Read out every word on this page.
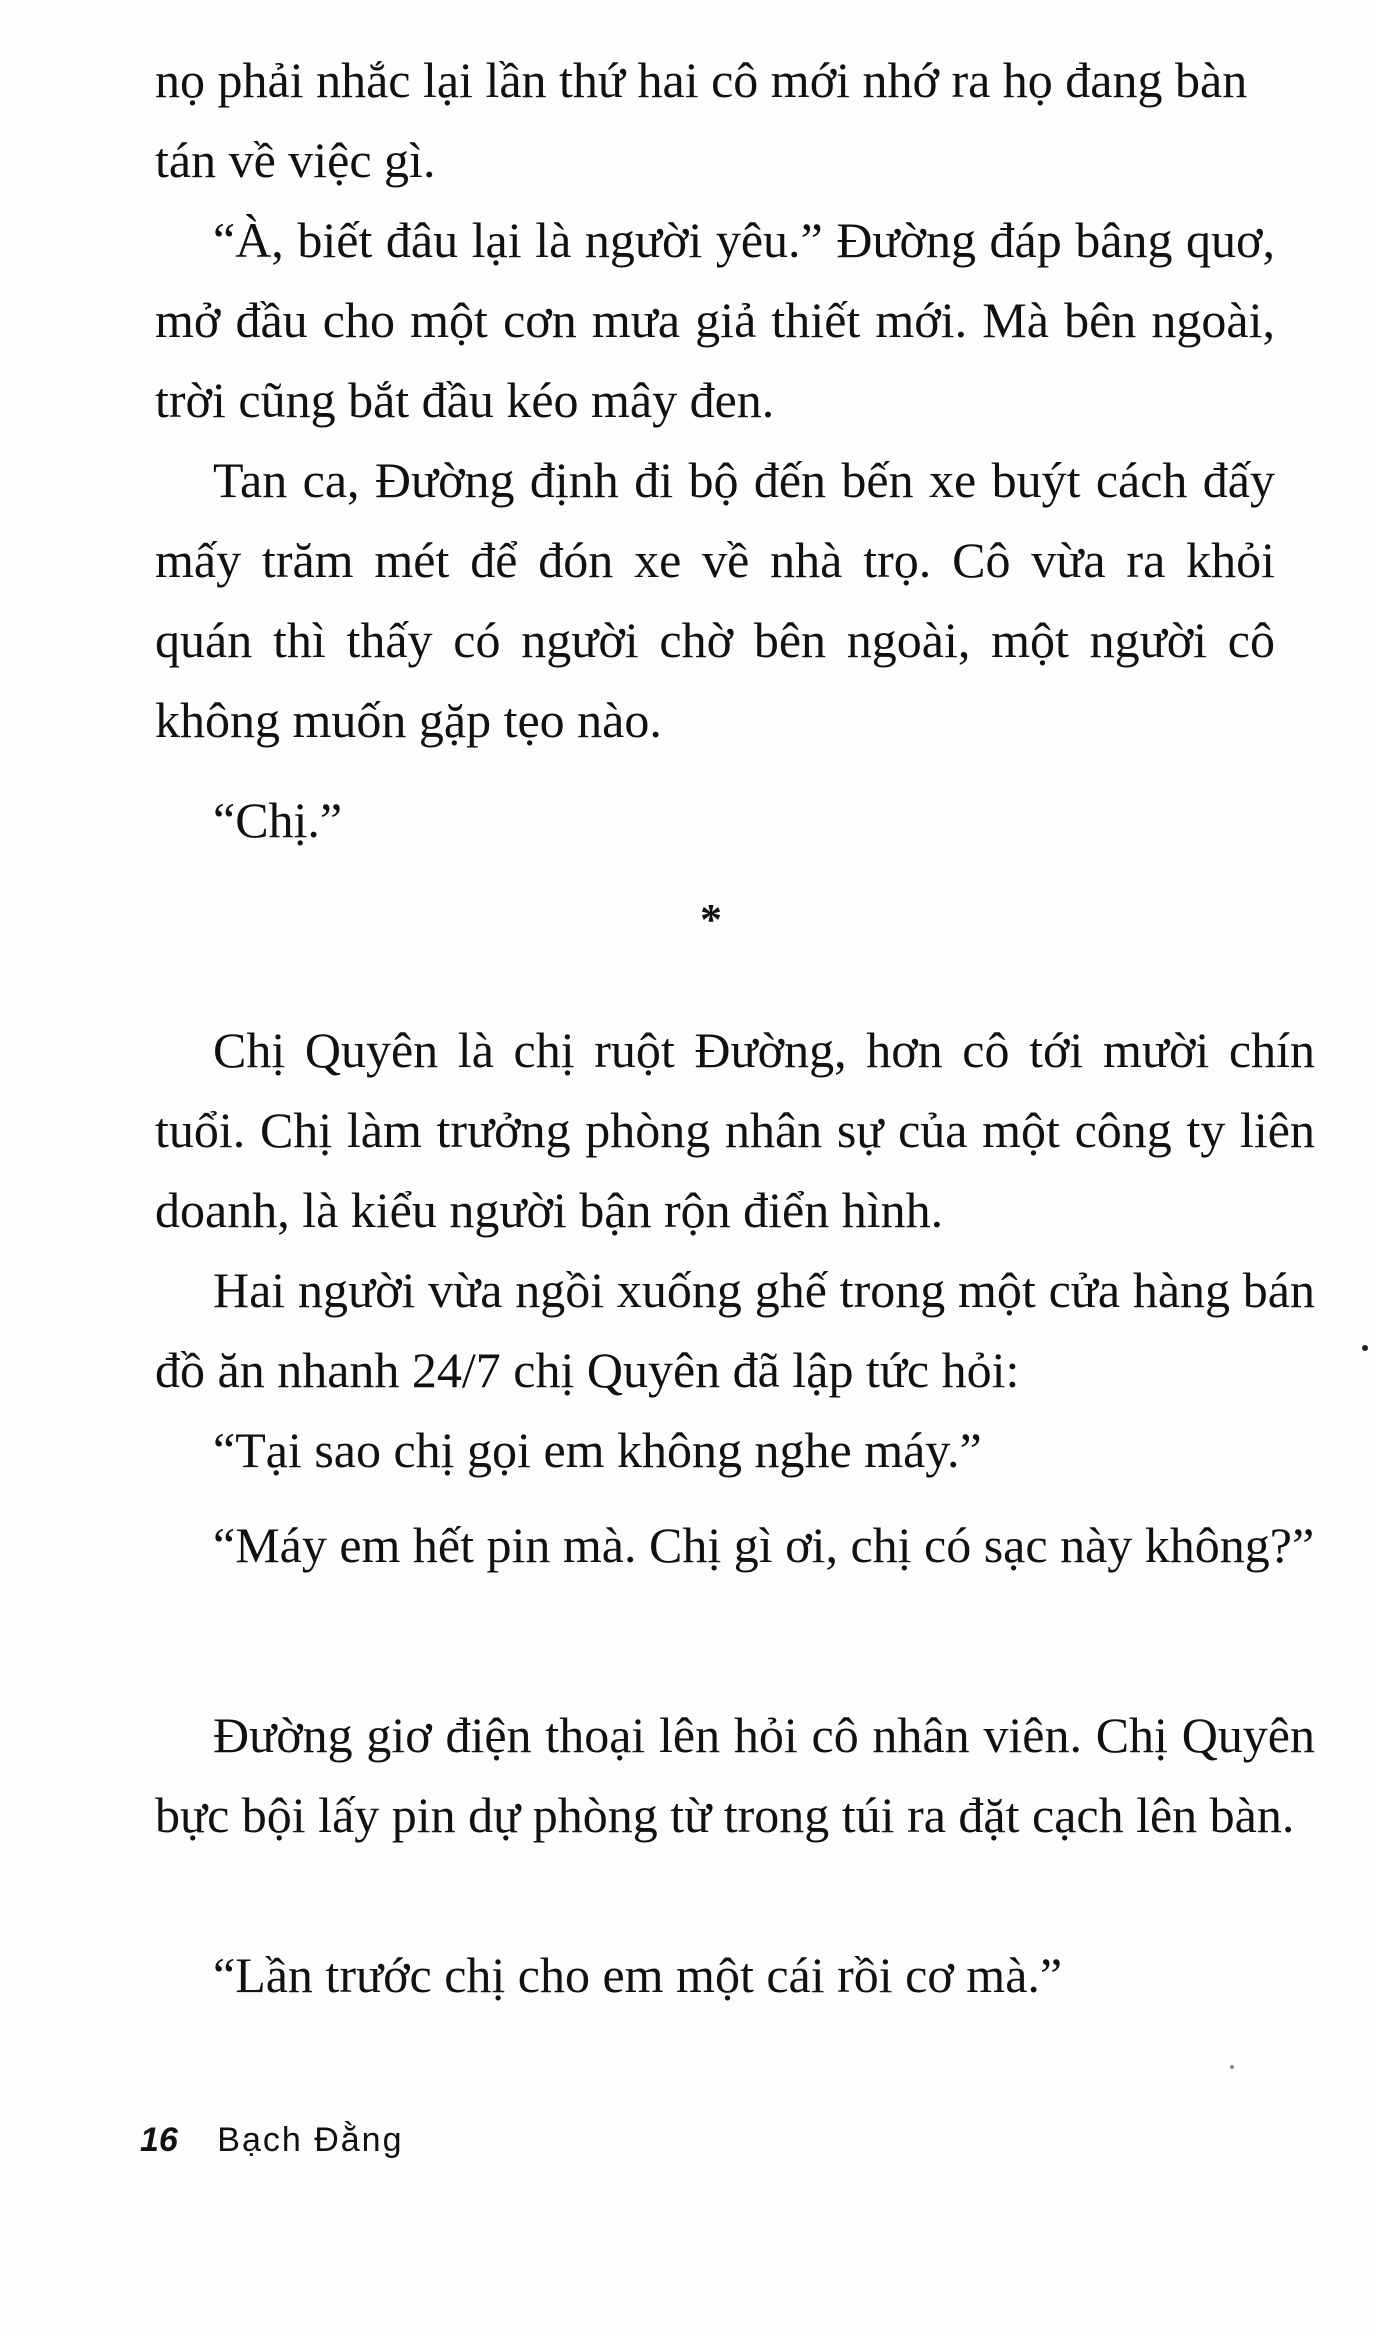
nọ phải nhắc lại lần thứ hai cô mới nhớ ra họ đang bàn tán về việc gì.

“À, biết đâu lại là người yêu.” Đường đáp bâng quơ, mở đầu cho một cơn mưa giả thiết mới. Mà bên ngoài, trời cũng bắt đầu kéo mây đen.

Tan ca, Đường định đi bộ đến bến xe buýt cách đấy mấy trăm mét để đón xe về nhà trọ. Cô vừa ra khỏi quán thì thấy có người chờ bên ngoài, một người cô không muốn gặp tẹo nào.

“Chị.”

*

Chị Quyên là chị ruột Đường, hơn cô tới mười chín tuổi. Chị làm trưởng phòng nhân sự của một công ty liên doanh, là kiểu người bận rộn điển hình.

Hai người vừa ngồi xuống ghế trong một cửa hàng bán đồ ăn nhanh 24/7 chị Quyên đã lập tức hỏi:

“Tại sao chị gọi em không nghe máy.”

“Máy em hết pin mà. Chị gì ơi, chị có sạc này không?”

Đường giơ điện thoại lên hỏi cô nhân viên. Chị Quyên bực bội lấy pin dự phòng từ trong túi ra đặt cạch lên bàn.

“Lần trước chị cho em một cái rồi cơ mà.”

16 Bạch Đằng
